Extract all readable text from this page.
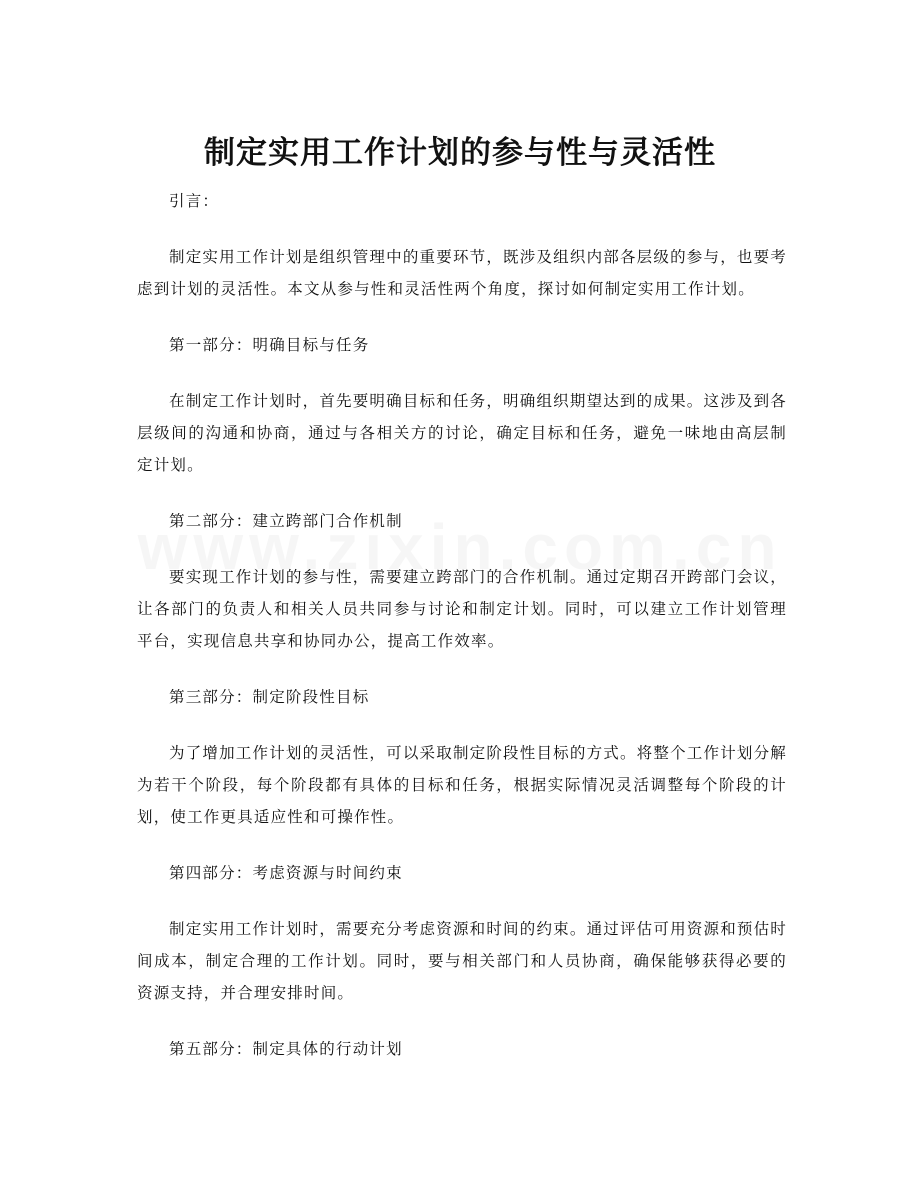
制定实用工作计划的参与性与灵活性

引言：

制定实用工作计划是组织管理中的重要环节，既涉及组织内部各层级的参与，也要考虑到计划的灵活性。本文从参与性和灵活性两个角度，探讨如何制定实用工作计划。

第一部分：明确目标与任务

在制定工作计划时，首先要明确目标和任务，明确组织期望达到的成果。这涉及到各层级间的沟通和协商，通过与各相关方的讨论，确定目标和任务，避免一味地由高层制定计划。

第二部分：建立跨部门合作机制

要实现工作计划的参与性，需要建立跨部门的合作机制。通过定期召开跨部门会议，让各部门的负责人和相关人员共同参与讨论和制定计划。同时，可以建立工作计划管理平台，实现信息共享和协同办公，提高工作效率。

第三部分：制定阶段性目标

为了增加工作计划的灵活性，可以采取制定阶段性目标的方式。将整个工作计划分解为若干个阶段，每个阶段都有具体的目标和任务，根据实际情况灵活调整每个阶段的计划，使工作更具适应性和可操作性。

第四部分：考虑资源与时间约束

制定实用工作计划时，需要充分考虑资源和时间的约束。通过评估可用资源和预估时间成本，制定合理的工作计划。同时，要与相关部门和人员协商，确保能够获得必要的资源支持，并合理安排时间。

第五部分：制定具体的行动计划
